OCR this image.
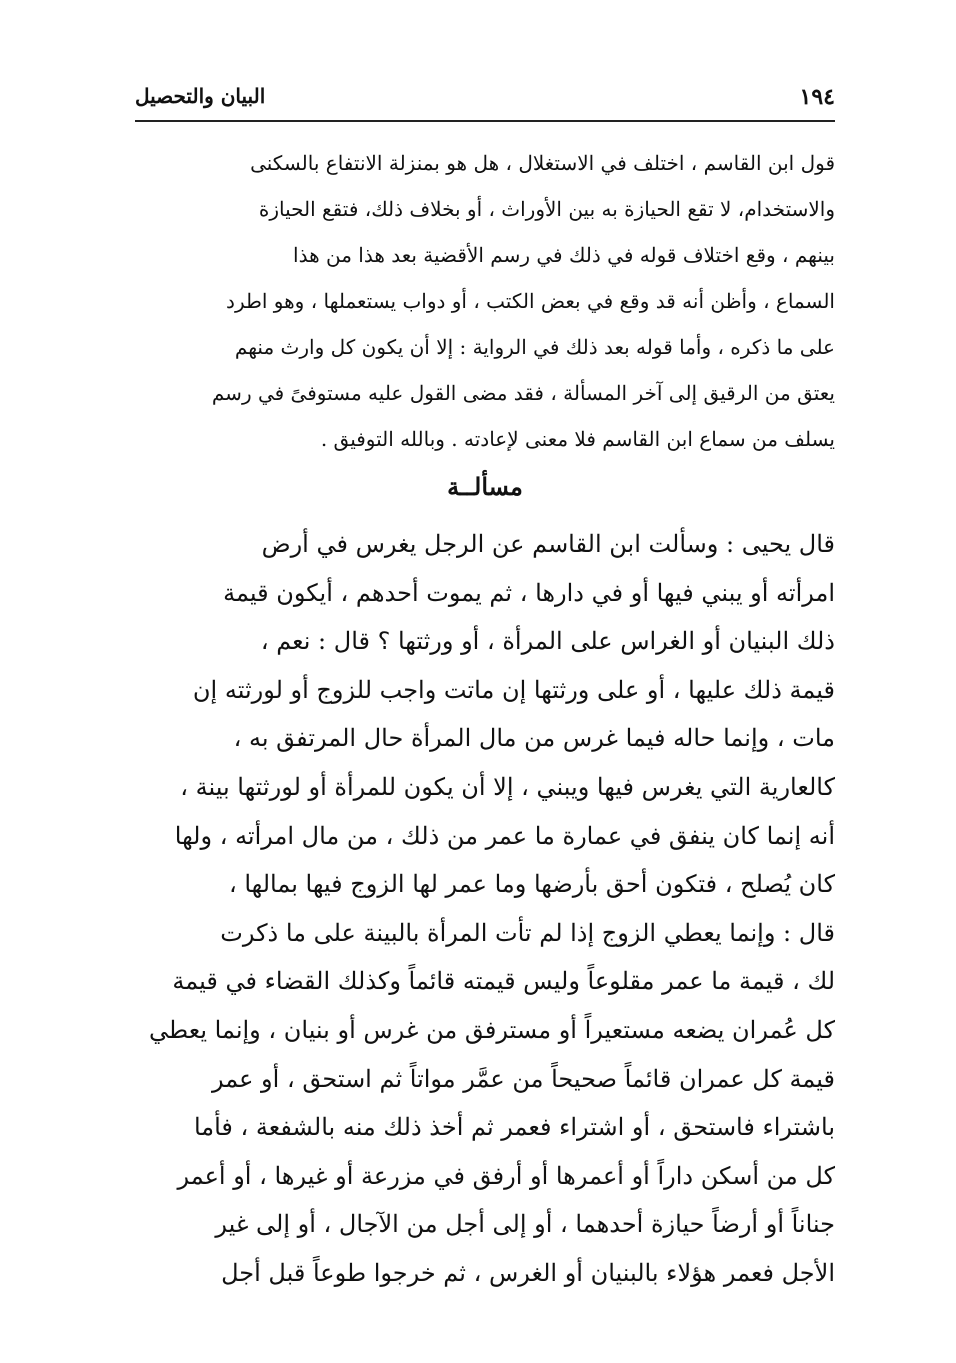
١٩٤
البيان والتحصيل
قول ابن القاسم ، اختلف في الاستغلال ، هل هو بمنزلة الانتفاع بالسكنى
والاستخدام، لا تقع الحيازة به بين الأوراث ، أو بخلاف ذلك، فتقع الحيازة
بينهم ، وقع اختلاف قوله في ذلك في رسم الأقضية بعد هذا من هذا
السماع ، وأظن أنه قد وقع في بعض الكتب ، أو دواب يستعملها ، وهو اطرد
على ما ذكره ، وأما قوله بعد ذلك في الرواية : إلا أن يكون كل وارث منهم
يعتق من الرقيق إلى آخر المسألة ، فقد مضى القول عليه مستوفىً في رسم
يسلف من سماع ابن القاسم فلا معنى لإعادته . وبالله التوفيق .
مسألــة
قال يحيى : وسألت ابن القاسم عن الرجل يغرس في أرض
امرأته أو يبني فيها أو في دارها ، ثم يموت أحدهم ، أيكون قيمة
ذلك البنيان أو الغراس على المرأة ، أو ورثتها ؟ قال : نعم ،
قيمة ذلك عليها ، أو على ورثتها إن ماتت واجب للزوج أو لورثته إن
مات ، وإنما حاله فيما غرس من مال المرأة حال المرتفق به ،
كالعارية التي يغرس فيها ويبني ، إلا أن يكون للمرأة أو لورثتها بينة ،
أنه إنما كان ينفق في عمارة ما عمر من ذلك ، من مال امرأته ، ولها
كان يُصلح ، فتكون أحق بأرضها وما عمر لها الزوج فيها بمالها ،
قال : وإنما يعطي الزوج إذا لم تأت المرأة بالبينة على ما ذكرت
لك ، قيمة ما عمر مقلوعاً وليس قيمته قائماً وكذلك القضاء في قيمة
كل عُمران يضعه مستعيراً أو مسترفق من غرس أو بنيان ، وإنما يعطي
قيمة كل عمران قائماً صحيحاً من عمَّر مواتاً ثم استحق ، أو عمر
باشتراء فاستحق ، أو اشتراء فعمر ثم أخذ ذلك منه بالشفعة ، فأما
كل من أسكن داراً أو أعمرها أو أرفق في مزرعة أو غيرها ، أو أعمر
جناناً أو أرضاً حيازة أحدهما ، أو إلى أجل من الآجال ، أو إلى غير
الأجل فعمر هؤلاء بالبنيان أو الغرس ، ثم خرجوا طوعاً قبل أجل
